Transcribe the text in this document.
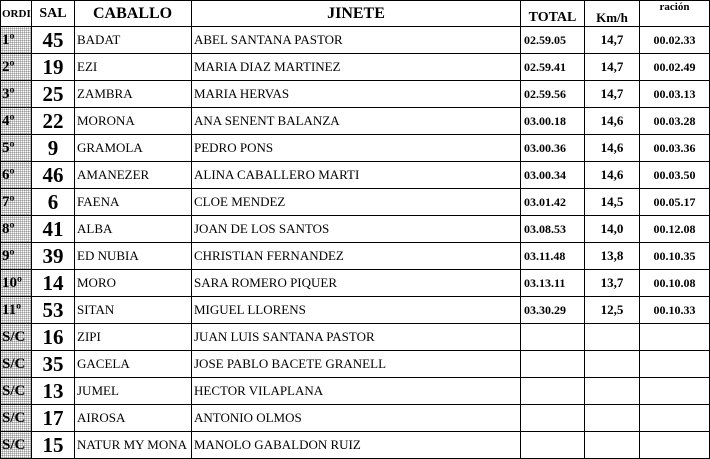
ORDI	SAL	CABALLO	JINETE	TOTAL	Km/h	ración
1º	45	BADAT	ABEL SANTANA PASTOR	02.59.05	14,7	00.02.33
2º	19	EZI	MARIA DIAZ MARTINEZ	02.59.41	14,7	00.02.49
3º	25	ZAMBRA	MARIA HERVAS	02.59.56	14,7	00.03.13
4º	22	MORONA	ANA SENENT BALANZA	03.00.18	14,6	00.03.28
5º	9	GRAMOLA	PEDRO PONS	03.00.36	14,6	00.03.36
6º	46	AMANEZER	ALINA CABALLERO MARTI	03.00.34	14,6	00.03.50
7º	6	FAENA	CLOE MENDEZ	03.01.42	14,5	00.05.17
8º	41	ALBA	JOAN DE LOS SANTOS	03.08.53	14,0	00.12.08
9º	39	ED NUBIA	CHRISTIAN FERNANDEZ	03.11.48	13,8	00.10.35
10º	14	MORO	SARA ROMERO PIQUER	03.13.11	13,7	00.10.08
11º	53	SITAN	MIGUEL LLORENS	03.30.29	12,5	00.10.33
S/C	16	ZIPI	JUAN LUIS SANTANA PASTOR			
S/C	35	GACELA	JOSE PABLO BACETE GRANELL			
S/C	13	JUMEL	HECTOR VILAPLANA			
S/C	17	AIROSA	ANTONIO OLMOS			
S/C	15	NATUR MY MONA	MANOLO GABALDON RUIZ			
